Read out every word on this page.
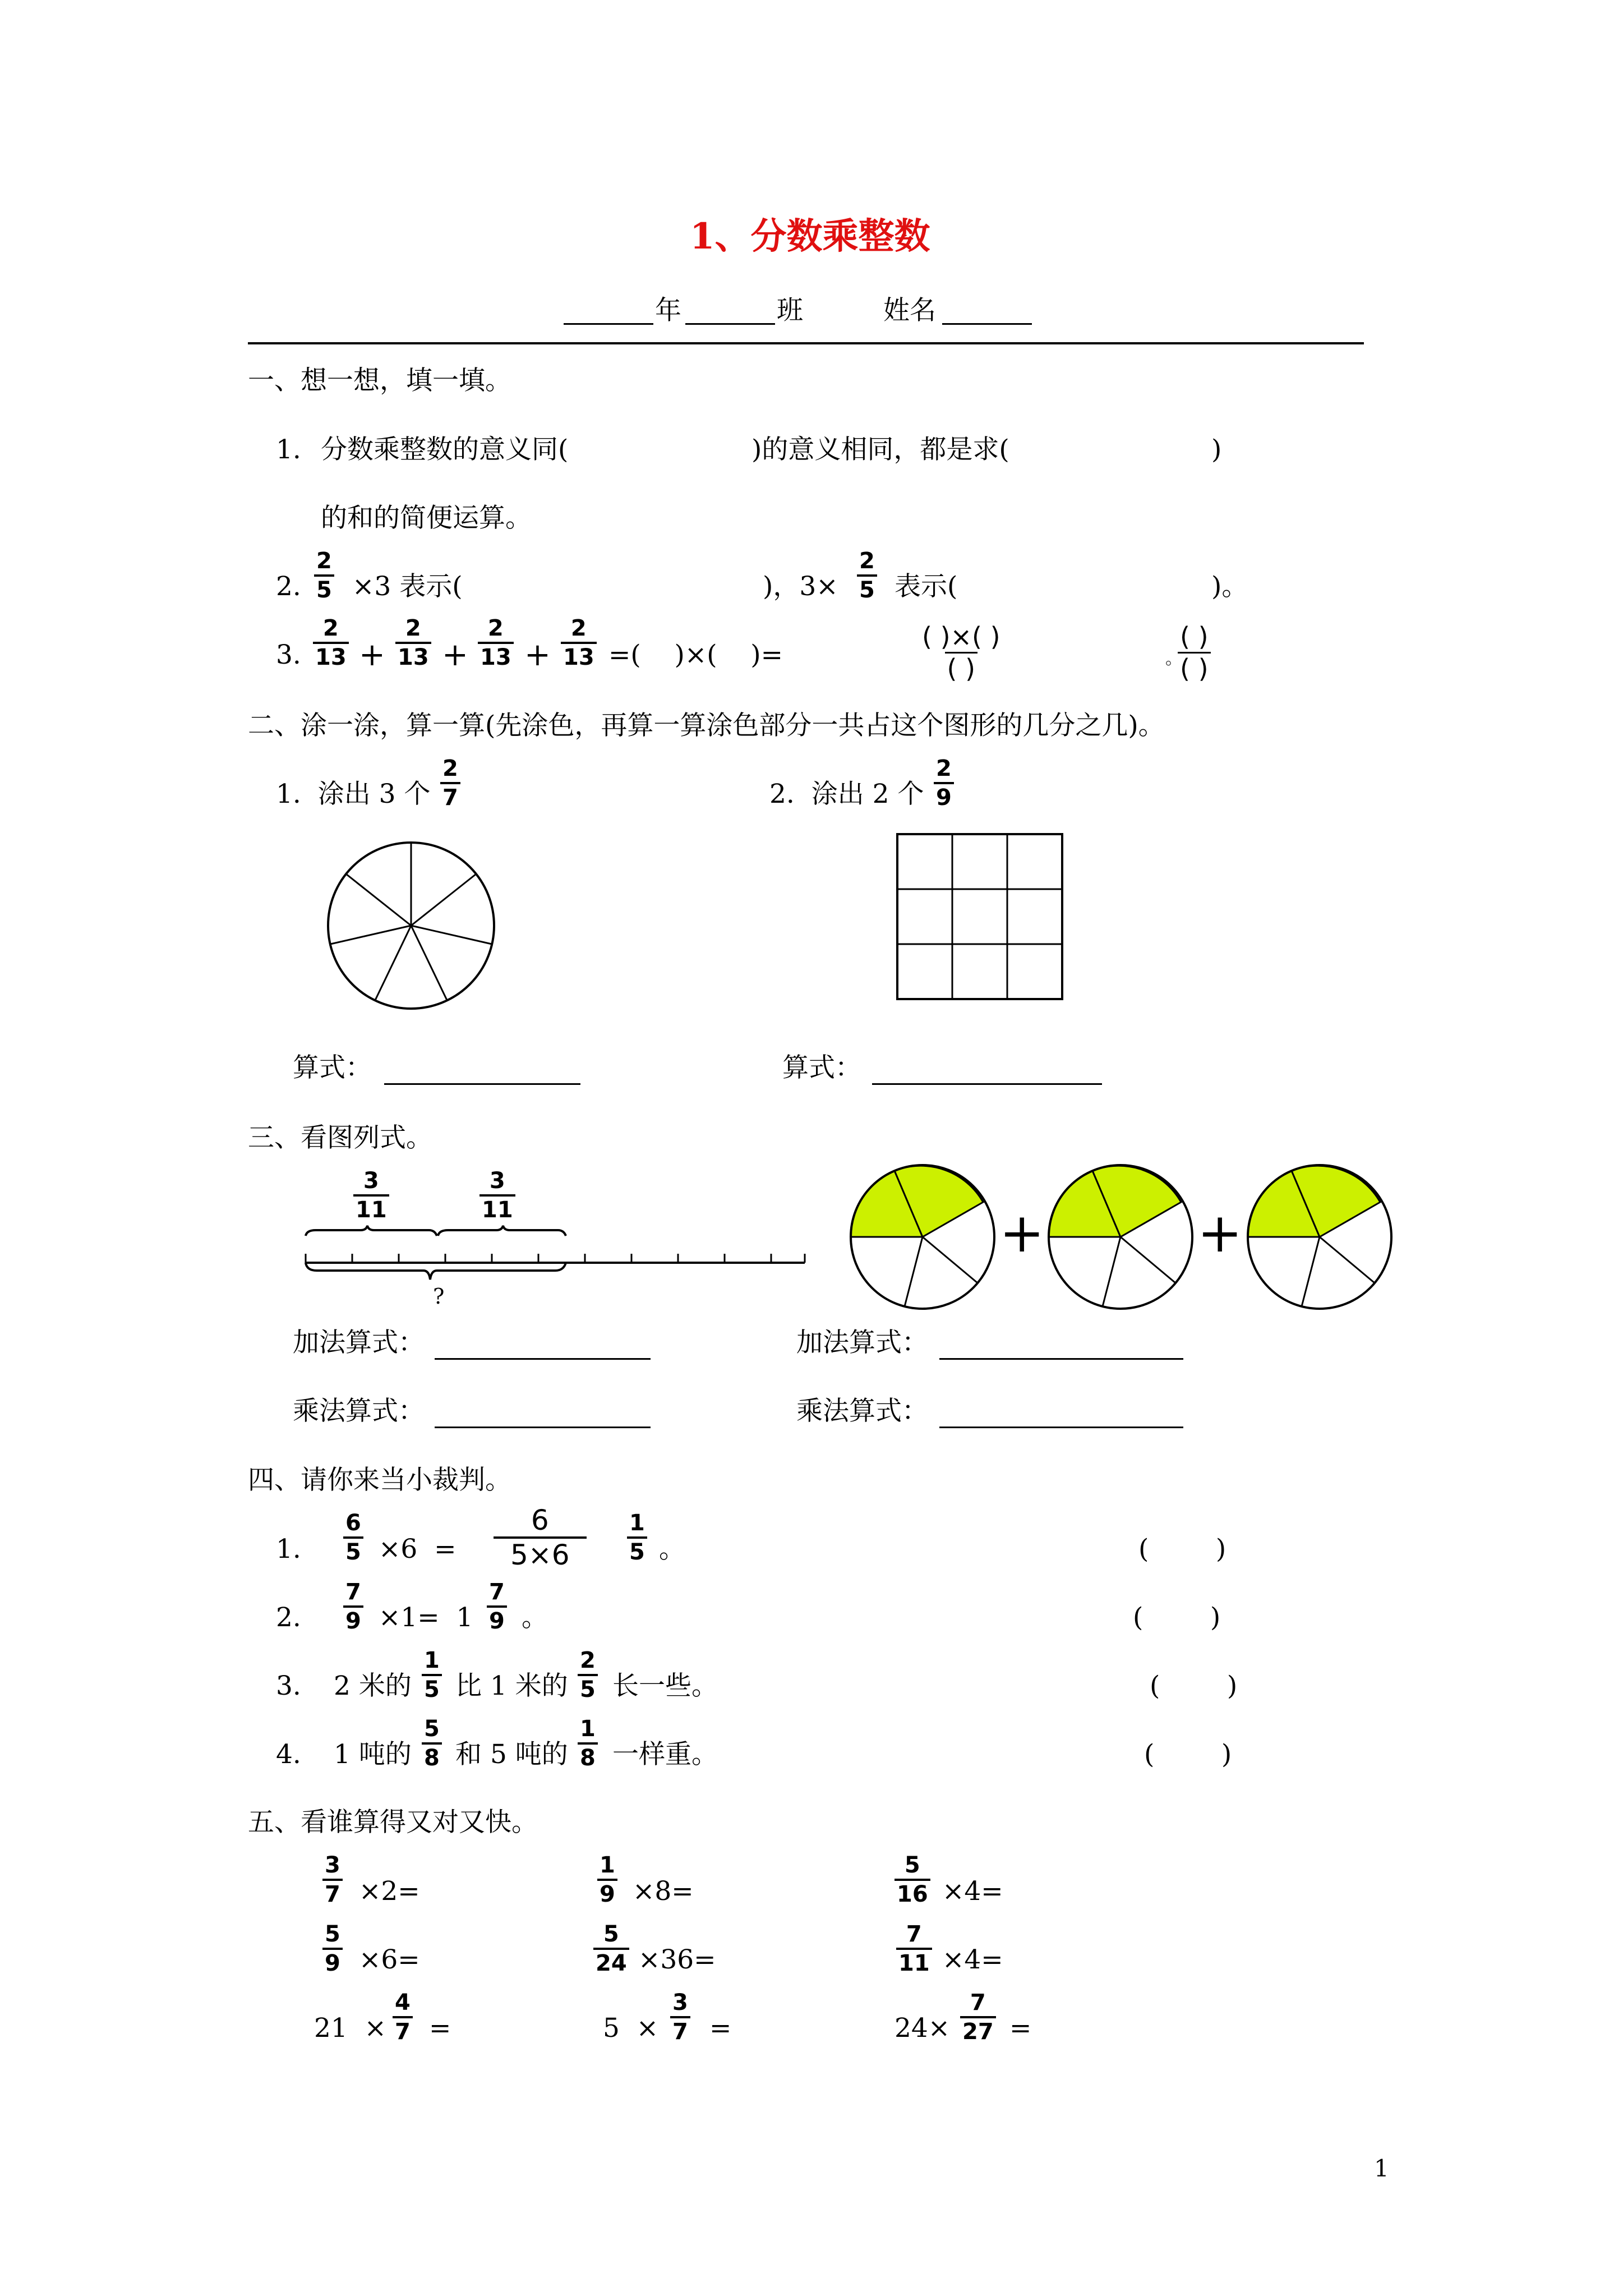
1、分数乘整数
年	班	姓名
一、想一想，填一填。
1. 分数乘整数的意义同(	)的意义相同，都是求(	)
的和的简便运算。
2. $\frac{2}{5} \times 3$ 表示(	)，$3\times \frac{2}{5}$ 表示(	)。
3. $\frac{2}{13} + \frac{2}{13} + \frac{2}{13} + \frac{2}{13}$ =(    )×(    )=
( )×( )
( )	。
( )
( )
二、涂一涂，算一算(先涂色，再算一算涂色部分一共占这个图形的几分之几)。
1.  涂出 3 个 $\frac{2}{7}$	2.  涂出 2 个 $\frac{2}{9}$
算式：	算式：
三、看图列式。
$\frac{3}{11}$	$\frac{3}{11}$
?
+	+
加法算式：	加法算式：
乘法算式：	乘法算式：
四、请你来当小裁判。
1. $\frac{6}{5} \times 6 = \frac{6}{5\times 6} \frac{1}{5}$ 。	(        )
2. $\frac{7}{9} \times 1= 1 \frac{7}{9}$ 。	(        )
3. 2 米的 $\frac{1}{5}$ 比 1 米的 $\frac{2}{5}$ 长一些。	(        )
4. 1 吨的 $\frac{5}{8}$ 和 5 吨的 $\frac{1}{8}$ 一样重。	(        )
五、看谁算得又对又快。
$\frac{3}{7} \times 2=$	$\frac{1}{9} \times 8=$	$\frac{5}{16} \times 4=$
$\frac{5}{9} \times 6=$	$\frac{5}{24} \times 36=$	$\frac{7}{11} \times 4=$
$21 \times \frac{4}{7}$ =	$5 \times \frac{3}{7}$ =	$24\times \frac{7}{27}$ =
1
